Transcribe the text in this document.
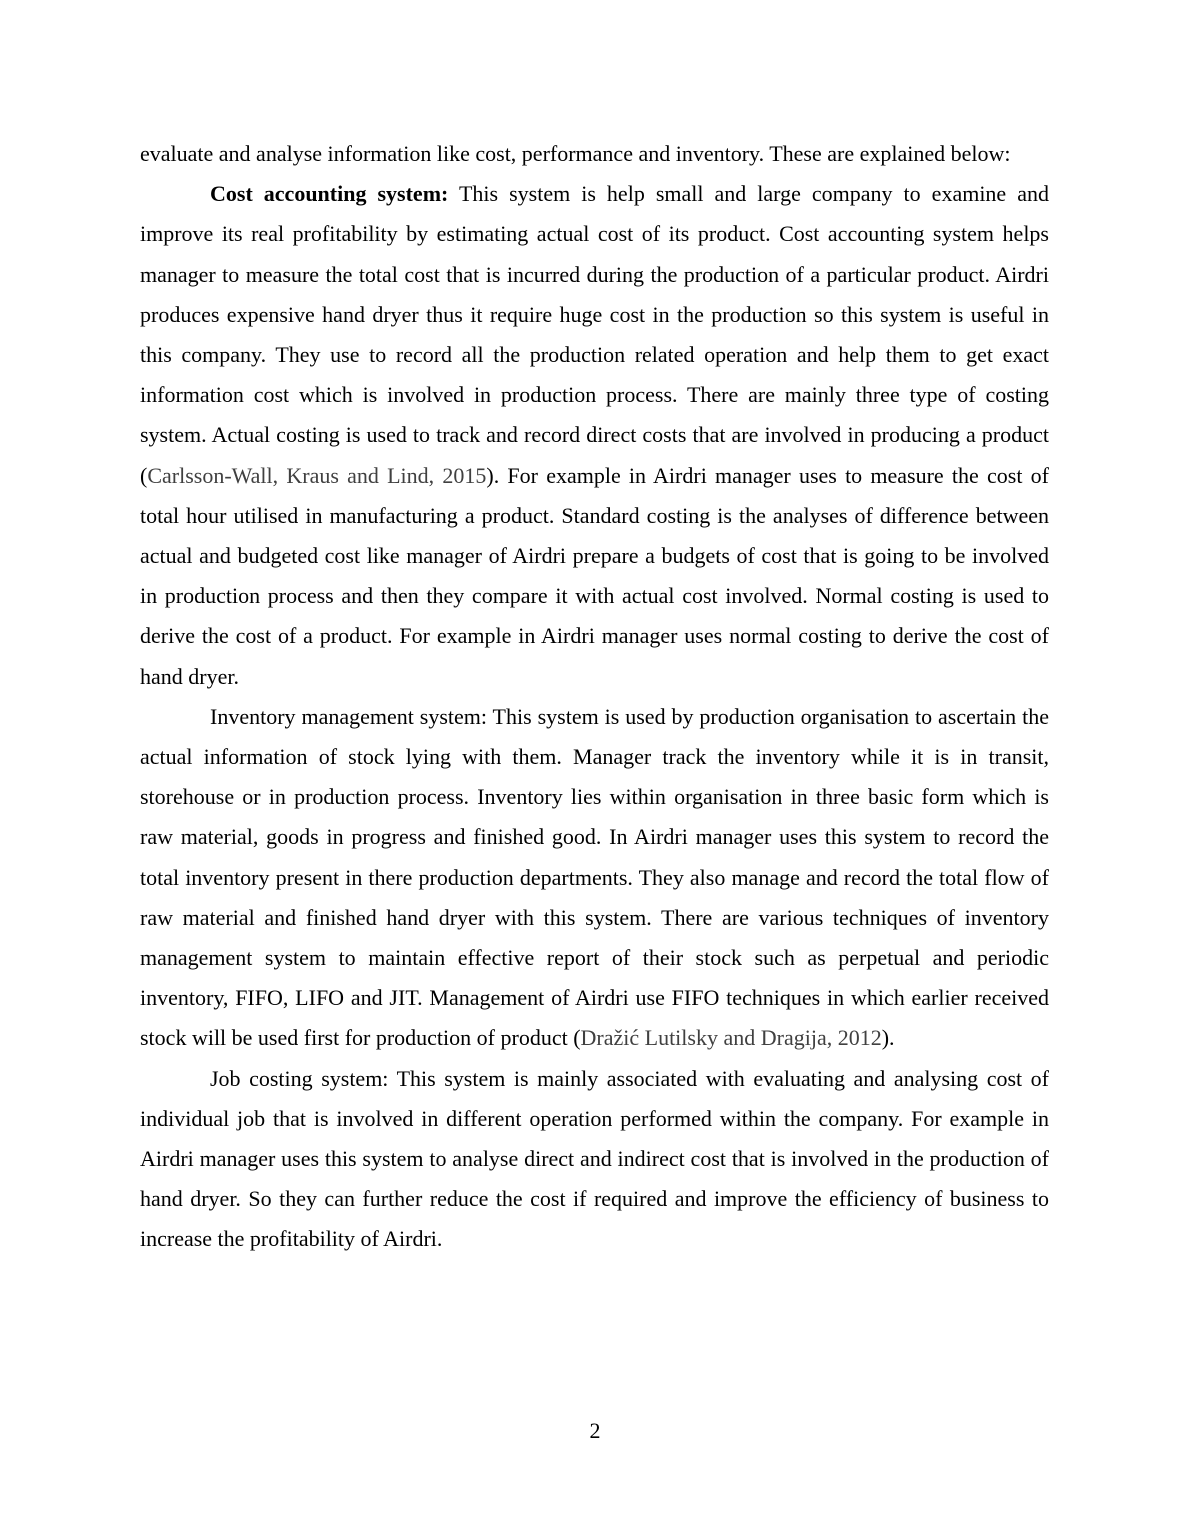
evaluate and analyse information like cost, performance and inventory. These are explained below:

Cost accounting system: This system is help small and large company to examine and improve its real profitability by estimating actual cost of its product. Cost accounting system helps manager to measure the total cost that is incurred during the production of a particular product. Airdri produces expensive hand dryer thus it require huge cost in the production so this system is useful in this company. They use to record all the production related operation and help them to get exact information cost which is involved in production process. There are mainly three type of costing system. Actual costing is used to track and record direct costs that are involved in producing a product (Carlsson-Wall, Kraus and Lind, 2015). For example in Airdri manager uses to measure the cost of total hour utilised in manufacturing a product. Standard costing is the analyses of difference between actual and budgeted cost like manager of Airdri prepare a budgets of cost that is going to be involved in production process and then they compare it with actual cost involved. Normal costing is used to derive the cost of a product. For example in Airdri manager uses normal costing to derive the cost of hand dryer.

Inventory management system: This system is used by production organisation to ascertain the actual information of stock lying with them. Manager track the inventory while it is in transit, storehouse or in production process. Inventory lies within organisation in three basic form which is raw material, goods in progress and finished good. In Airdri manager uses this system to record the total inventory present in there production departments. They also manage and record the total flow of raw material and finished hand dryer with this system. There are various techniques of inventory management system to maintain effective report of their stock such as perpetual and periodic inventory, FIFO, LIFO and JIT. Management of Airdri use FIFO techniques in which earlier received stock will be used first for production of product (Dražić Lutilsky and Dragija, 2012).

Job costing system: This system is mainly associated with evaluating and analysing cost of individual job that is involved in different operation performed within the company. For example in Airdri manager uses this system to analyse direct and indirect cost that is involved in the production of hand dryer. So they can further reduce the cost if required and improve the efficiency of business to increase the profitability of Airdri.

2
